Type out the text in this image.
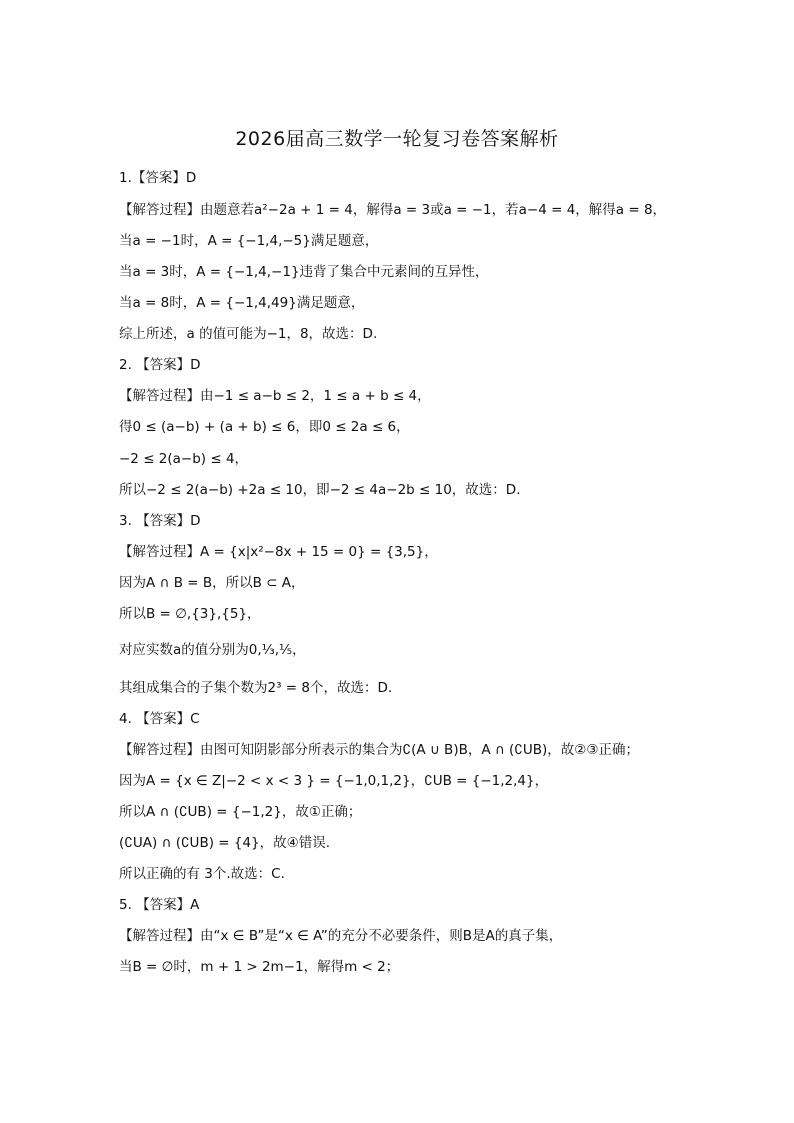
2026届高三数学一轮复习卷答案解析
1.【答案】D
【解答过程】由题意若a²−2a + 1 = 4，解得a = 3或a = −1，若a−4 = 4，解得a = 8，
当a = −1时，A = {−1,4,−5}满足题意，
当a = 3时，A = {−1,4,−1}违背了集合中元素间的互异性，
当a = 8时，A = {−1,4,49}满足题意，
综上所述，a 的值可能为−1，8，故选：D.
2. 【答案】D
【解答过程】由−1 ≤ a−b ≤ 2，1 ≤ a + b ≤ 4，
得0 ≤ (a−b) + (a + b) ≤ 6，即0 ≤ 2a ≤ 6，
−2 ≤ 2(a−b) ≤ 4，
所以−2 ≤ 2(a−b) +2a ≤ 10，即−2 ≤ 4a−2b ≤ 10，故选：D.
3. 【答案】D
【解答过程】A = {x|x²−8x + 15 = 0} = {3,5}，
因为A ∩ B = B，所以B ⊂ A，
所以B = ∅,{3},{5}，
对应实数a的值分别为0,⅓,⅕，
其组成集合的子集个数为2³ = 8个，故选：D.
4. 【答案】C
【解答过程】由图可知阴影部分所表示的集合为∁(A ∪ B)B，A ∩ (∁UB)，故②③正确；
因为A = {x ∈ Z|−2 < x < 3 } = {−1,0,1,2}，∁UB = {−1,2,4}，
所以A ∩ (∁UB) = {−1,2}，故①正确；
(∁UA) ∩ (∁UB) = {4}，故④错误.
所以正确的有 3个.故选：C.
5. 【答案】A
【解答过程】由“x ∈ B”是“x ∈ A”的充分不必要条件，则B是A的真子集，
当B = ∅时，m + 1 > 2m−1，解得m < 2；
